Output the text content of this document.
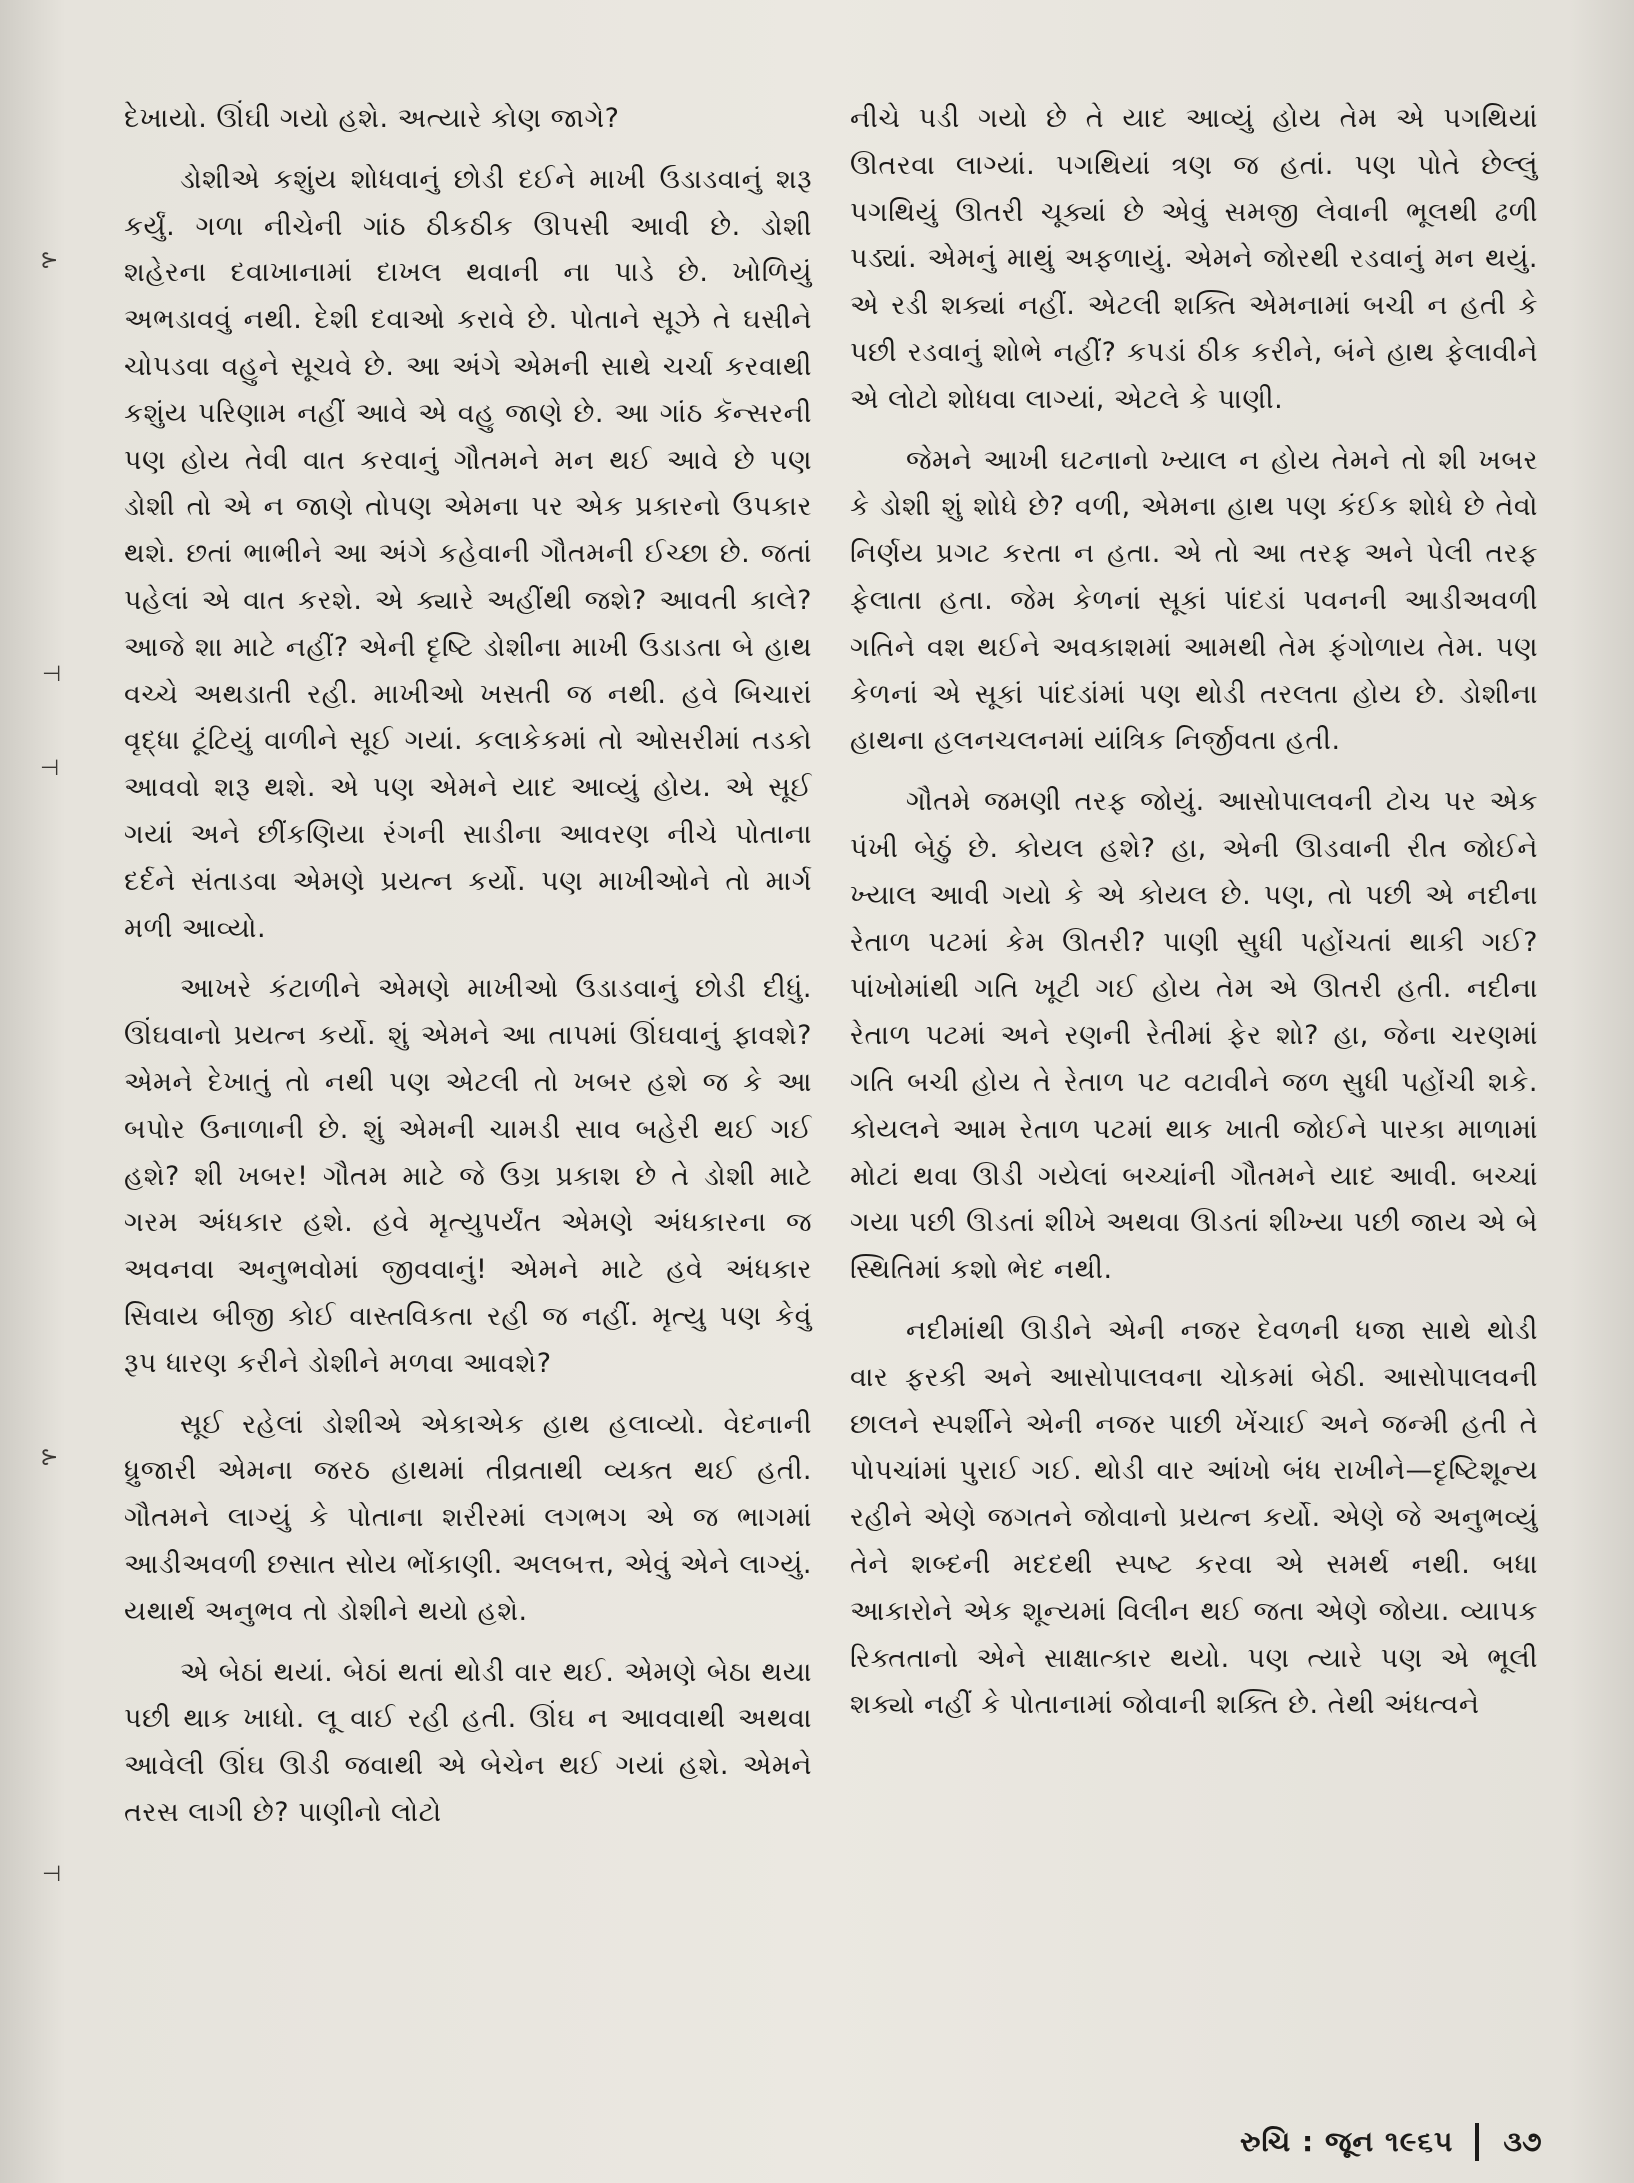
⊱
⊣
⊣
⊱
⊣

દેખાયો. ઊંઘી ગયો હશે. અત્યારે કોણ જાગે?

ડોશીએ કશુંય શોધવાનું છોડી દઈને માખી ઉડાડવાનું શરૂ કર્યું. ગળા નીચેની ગાંઠ ઠીકઠીક ઊપસી આવી છે. ડોશી શહેરના દવાખાનામાં દાખલ થવાની ના પાડે છે. ખોળિયું અભડાવવું નથી. દેશી દવાઓ કરાવે છે. પોતાને સૂઝે તે ઘસીને ચોપડવા વહુને સૂચવે છે. આ અંગે એમની સાથે ચર્ચા કરવાથી કશુંય પરિણામ નહીં આવે એ વહુ જાણે છે. આ ગાંઠ કૅન્સરની પણ હોય તેવી વાત કરવાનું ગૌતમને મન થઈ આવે છે પણ ડોશી તો એ ન જાણે તોપણ એમના પર એક પ્રકારનો ઉપકાર થશે. છતાં ભાભીને આ અંગે કહેવાની ગૌતમની ઈચ્છા છે. જતાં પહેલાં એ વાત કરશે. એ ક્યારે અહીંથી જશે? આવતી કાલે? આજે શા માટે નહીં? એની દૃષ્ટિ ડોશીના માખી ઉડાડતા બે હાથ વચ્ચે અથડાતી રહી. માખીઓ ખસતી જ નથી. હવે બિચારાં વૃદ્ધા ટૂંટિયું વાળીને સૂઈ ગયાં. કલાકેકમાં તો ઓસરીમાં તડકો આવવો શરૂ થશે. એ પણ એમને યાદ આવ્યું હોય. એ સૂઈ ગયાં અને છીંકણિયા રંગની સાડીના આવરણ નીચે પોતાના દર્દને સંતાડવા એમણે પ્રયત્ન કર્યો. પણ માખીઓને તો માર્ગ મળી આવ્યો.

આખરે કંટાળીને એમણે માખીઓ ઉડાડવાનું છોડી દીધું. ઊંઘવાનો પ્રયત્ન કર્યો. શું એમને આ તાપમાં ઊંઘવાનું ફાવશે? એમને દેખાતું તો નથી પણ એટલી તો ખબર હશે જ કે આ બપોર ઉનાળાની છે. શું એમની ચામડી સાવ બહેરી થઈ ગઈ હશે? શી ખબર! ગૌતમ માટે જે ઉગ્ર પ્રકાશ છે તે ડોશી માટે ગરમ અંધકાર હશે. હવે મૃત્યુપર્યંત એમણે અંધકારના જ અવનવા અનુભવોમાં જીવવાનું! એમને માટે હવે અંધકાર સિવાય બીજી કોઈ વાસ્તવિકતા રહી જ નહીં. મૃત્યુ પણ કેવું રૂપ ધારણ કરીને ડોશીને મળવા આવશે?

સૂઈ રહેલાં ડોશીએ એકાએક હાથ હલાવ્યો. વેદનાની ધ્રુજારી એમના જરઠ હાથમાં તીવ્રતાથી વ્યક્ત થઈ હતી. ગૌતમને લાગ્યું કે પોતાના શરીરમાં લગભગ એ જ ભાગમાં આડીઅવળી છસાત સોય ભોંકાણી. અલબત્ત, એવું એને લાગ્યું. યથાર્થ અનુભવ તો ડોશીને થયો હશે.

એ બેઠાં થયાં. બેઠાં થતાં થોડી વાર થઈ. એમણે બેઠા થયા પછી થાક ખાધો. લૂ વાઈ રહી હતી. ઊંઘ ન આવવાથી અથવા આવેલી ઊંઘ ઊડી જવાથી એ બેચેન થઈ ગયાં હશે. એમને તરસ લાગી છે? પાણીનો લોટો

નીચે પડી ગયો છે તે યાદ આવ્યું હોય તેમ એ પગથિયાં ઊતરવા લાગ્યાં. પગથિયાં ત્રણ જ હતાં. પણ પોતે છેલ્લું પગથિયું ઊતરી ચૂક્યાં છે એવું સમજી લેવાની ભૂલથી ઢળી પડ્યાં. એમનું માથું અફળાયું. એમને જોરથી રડવાનું મન થયું. એ રડી શક્યાં નહીં. એટલી શક્તિ એમનામાં બચી ન હતી કે પછી રડવાનું શોભે નહીં? કપડાં ઠીક કરીને, બંને હાથ ફેલાવીને એ લોટો શોધવા લાગ્યાં, એટલે કે પાણી.

જેમને આખી ઘટનાનો ખ્યાલ ન હોય તેમને તો શી ખબર કે ડોશી શું શોધે છે? વળી, એમના હાથ પણ કંઈક શોધે છે તેવો નિર્ણય પ્રગટ કરતા ન હતા. એ તો આ તરફ અને પેલી તરફ ફેલાતા હતા. જેમ કેળનાં સૂકાં પાંદડાં પવનની આડીઅવળી ગતિને વશ થઈને અવકાશમાં આમથી તેમ ફંગોળાય તેમ. પણ કેળનાં એ સૂકાં પાંદડાંમાં પણ થોડી તરલતા હોય છે. ડોશીના હાથના હલનચલનમાં યાંત્રિક નિર્જીવતા હતી.

ગૌતમે જમણી તરફ જોયું. આસોપાલવની ટોચ પર એક પંખી બેઠું છે. કોયલ હશે? હા, એની ઊડવાની રીત જોઈને ખ્યાલ આવી ગયો કે એ કોયલ છે. પણ, તો પછી એ નદીના રેતાળ પટમાં કેમ ઊતરી? પાણી સુધી પહોંચતાં થાકી ગઈ? પાંખોમાંથી ગતિ ખૂટી ગઈ હોય તેમ એ ઊતરી હતી. નદીના રેતાળ પટમાં અને રણની રેતીમાં ફેર શો? હા, જેના ચરણમાં ગતિ બચી હોય તે રેતાળ પટ વટાવીને જળ સુધી પહોંચી શકે. કોયલને આમ રેતાળ પટમાં થાક ખાતી જોઈને પારકા માળામાં મોટાં થવા ઊડી ગયેલાં બચ્ચાંની ગૌતમને યાદ આવી. બચ્ચાં ગયા પછી ઊડતાં શીખે અથવા ઊડતાં શીખ્યા પછી જાય એ બે સ્થિતિમાં કશો ભેદ નથી.

નદીમાંથી ઊડીને એની નજર દેવળની ધજા સાથે થોડી વાર ફરકી અને આસોપાલવના ચોકમાં બેઠી. આસોપાલવની છાલને સ્પર્શીને એની નજર પાછી ખેંચાઈ અને જન્મી હતી તે પોપચાંમાં પુરાઈ ગઈ. થોડી વાર આંખો બંધ રાખીને—દૃષ્ટિશૂન્ય રહીને એણે જગતને જોવાનો પ્રયત્ન કર્યો. એણે જે અનુભવ્યું તેને શબ્દની મદદથી સ્પષ્ટ કરવા એ સમર્થ નથી. બધા આકારોને એક શૂન્યમાં વિલીન થઈ જતા એણે જોયા. વ્યાપક રિક્તતાનો એને સાક્ષાત્કાર થયો. પણ ત્યારે પણ એ ભૂલી શક્યો નહીં કે પોતાનામાં જોવાની શક્તિ છે. તેથી અંધત્વને

રુચિ : જૂન ૧૯૬૫ ૩૭
